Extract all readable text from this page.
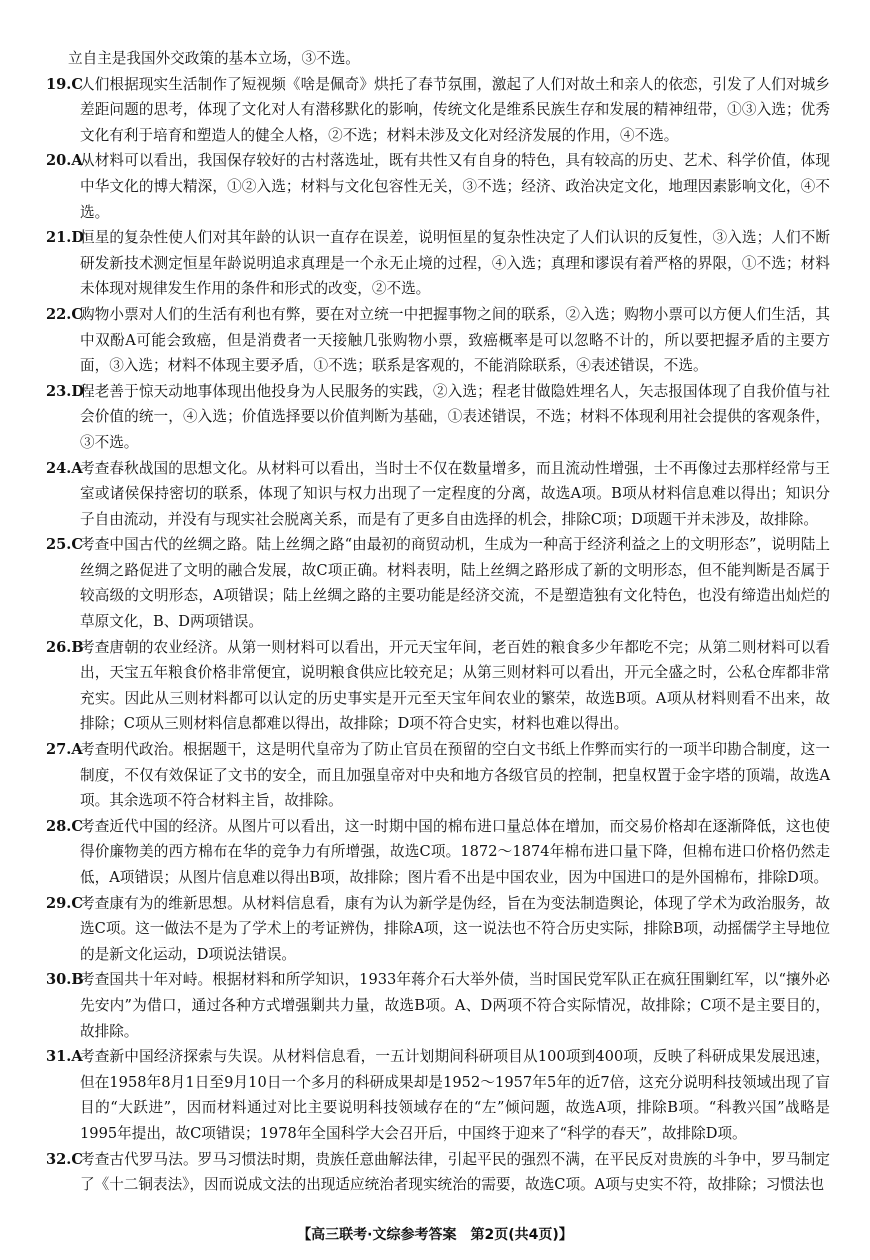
立自主是我国外交政策的基本立场，③不选。

19.C
人们根据现实生活制作了短视频《啥是佩奇》烘托了春节氛围，激起了人们对故土和亲人的依恋，引发了人们对城乡差距问题的思考，体现了文化对人有潜移默化的影响，传统文化是维系民族生存和发展的精神纽带，①③入选；优秀文化有利于培育和塑造人的健全人格，②不选；材料未涉及文化对经济发展的作用，④不选。
20.A
从材料可以看出，我国保存较好的古村落选址，既有共性又有自身的特色，具有较高的历史、艺术、科学价值，体现中华文化的博大精深，①②入选；材料与文化包容性无关，③不选；经济、政治决定文化，地理因素影响文化，④不选。
21.D
恒星的复杂性使人们对其年龄的认识一直存在误差，说明恒星的复杂性决定了人们认识的反复性，③入选；人们不断研发新技术测定恒星年龄说明追求真理是一个永无止境的过程，④入选；真理和谬误有着严格的界限，①不选；材料未体现对规律发生作用的条件和形式的改变，②不选。
22.C
购物小票对人们的生活有利也有弊，要在对立统一中把握事物之间的联系，②入选；购物小票可以方便人们生活，其中双酚A可能会致癌，但是消费者一天接触几张购物小票，致癌概率是可以忽略不计的，所以要把握矛盾的主要方面，③入选；材料不体现主要矛盾，①不选；联系是客观的，不能消除联系，④表述错误，不选。
23.D
程老善于惊天动地事体现出他投身为人民服务的实践，②入选；程老甘做隐姓埋名人，矢志报国体现了自我价值与社会价值的统一，④入选；价值选择要以价值判断为基础，①表述错误，不选；材料不体现利用社会提供的客观条件，③不选。
24.A
考查春秋战国的思想文化。从材料可以看出，当时士不仅在数量增多，而且流动性增强，士不再像过去那样经常与王室或诸侯保持密切的联系，体现了知识与权力出现了一定程度的分离，故选A项。B项从材料信息难以得出；知识分子自由流动，并没有与现实社会脱离关系，而是有了更多自由选择的机会，排除C项；D项题干并未涉及，故排除。
25.C
考查中国古代的丝绸之路。陆上丝绸之路“由最初的商贸动机，生成为一种高于经济利益之上的文明形态”，说明陆上丝绸之路促进了文明的融合发展，故C项正确。材料表明，陆上丝绸之路形成了新的文明形态，但不能判断是否属于较高级的文明形态，A项错误；陆上丝绸之路的主要功能是经济交流，不是塑造独有文化特色，也没有缔造出灿烂的草原文化，B、D两项错误。
26.B
考查唐朝的农业经济。从第一则材料可以看出，开元天宝年间，老百姓的粮食多少年都吃不完；从第二则材料可以看出，天宝五年粮食价格非常便宜，说明粮食供应比较充足；从第三则材料可以看出，开元全盛之时，公私仓库都非常充实。因此从三则材料都可以认定的历史事实是开元至天宝年间农业的繁荣，故选B项。A项从材料则看不出来，故排除；C项从三则材料信息都难以得出，故排除；D项不符合史实，材料也难以得出。
27.A
考查明代政治。根据题干，这是明代皇帝为了防止官员在预留的空白文书纸上作弊而实行的一项半印勘合制度，这一制度，不仅有效保证了文书的安全，而且加强皇帝对中央和地方各级官员的控制，把皇权置于金字塔的顶端，故选A项。其余选项不符合材料主旨，故排除。
28.C
考查近代中国的经济。从图片可以看出，这一时期中国的棉布进口量总体在增加，而交易价格却在逐渐降低，这也使得价廉物美的西方棉布在华的竞争力有所增强，故选C项。1872～1874年棉布进口量下降，但棉布进口价格仍然走低，A项错误；从图片信息难以得出B项，故排除；图片看不出是中国农业，因为中国进口的是外国棉布，排除D项。
29.C
考查康有为的维新思想。从材料信息看，康有为认为新学是伪经，旨在为变法制造舆论，体现了学术为政治服务，故选C项。这一做法不是为了学术上的考证辨伪，排除A项，这一说法也不符合历史实际，排除B项，动摇儒学主导地位的是新文化运动，D项说法错误。
30.B
考查国共十年对峙。根据材料和所学知识，1933年蒋介石大举外债，当时国民党军队正在疯狂围剿红军，以“攘外必先安内”为借口，通过各种方式增强剿共力量，故选B项。A、D两项不符合实际情况，故排除；C项不是主要目的，故排除。
31.A
考查新中国经济探索与失误。从材料信息看，一五计划期间科研项目从100项到400项，反映了科研成果发展迅速，但在1958年8月1日至9月10日一个多月的科研成果却是1952～1957年5年的近7倍，这充分说明科技领域出现了盲目的“大跃进”，因而材料通过对比主要说明科技领域存在的“左”倾问题，故选A项，排除B项。“科教兴国”战略是1995年提出，故C项错误；1978年全国科学大会召开后，中国终于迎来了“科学的春天”，故排除D项。
32.C
考查古代罗马法。罗马习惯法时期，贵族任意曲解法律，引起平民的强烈不满，在平民反对贵族的斗争中，罗马制定了《十二铜表法》，因而说成文法的出现适应统治者现实统治的需要，故选C项。A项与史实不符，故排除；习惯法也
【高三联考·文综参考答案　第2页(共4页)】
